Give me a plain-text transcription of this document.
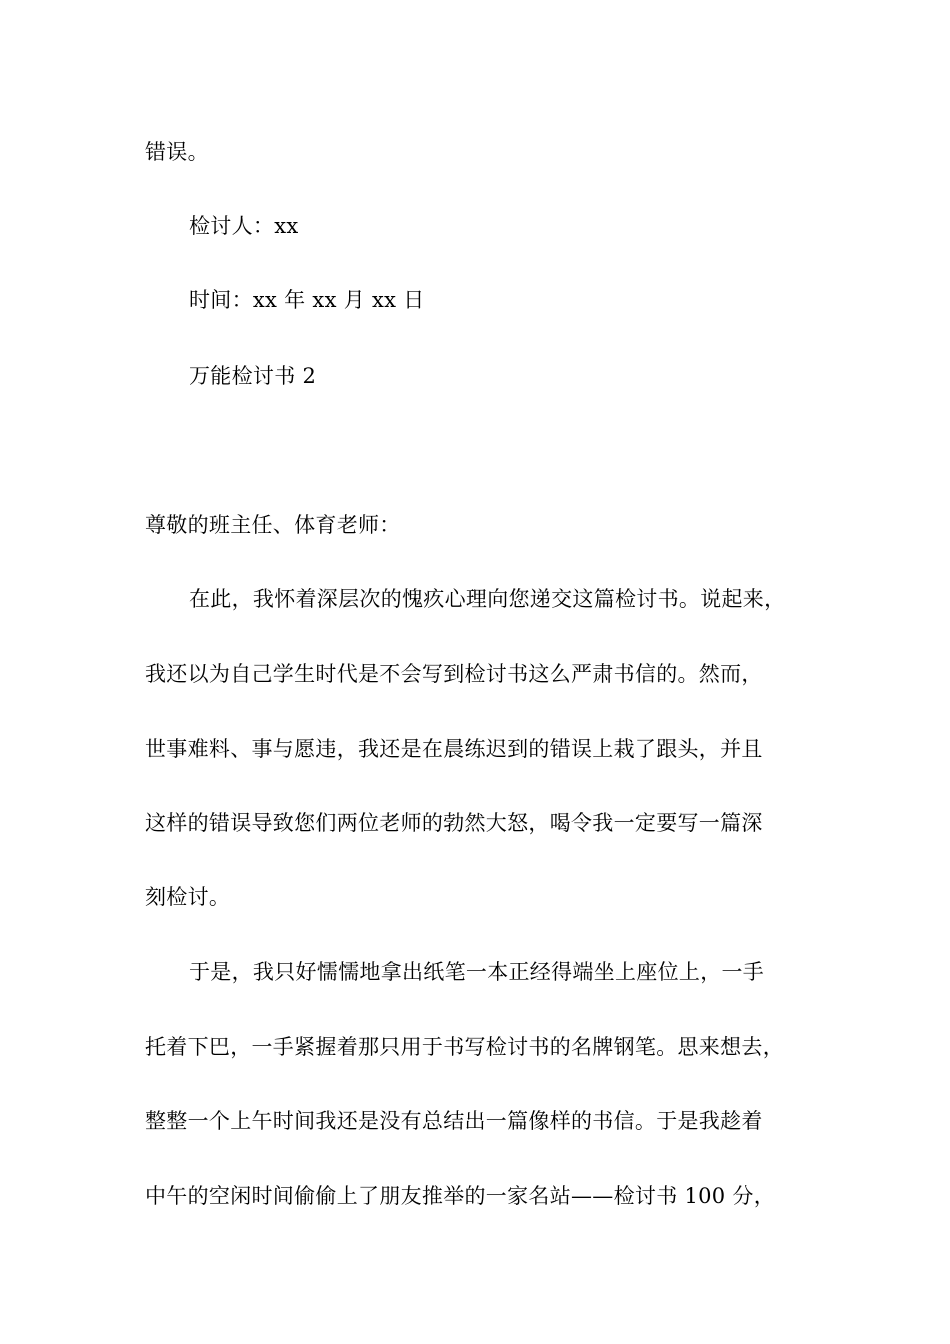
错误。
检讨人：xx
时间：xx 年 xx 月 xx 日
万能检讨书 2
尊敬的班主任、体育老师：
在此，我怀着深层次的愧疚心理向您递交这篇检讨书。说起来，
我还以为自己学生时代是不会写到检讨书这么严肃书信的。然而，
世事难料、事与愿违，我还是在晨练迟到的错误上栽了跟头，并且
这样的错误导致您们两位老师的勃然大怒，喝令我一定要写一篇深
刻检讨。
于是，我只好懦懦地拿出纸笔一本正经得端坐上座位上，一手
托着下巴，一手紧握着那只用于书写检讨书的名牌钢笔。思来想去，
整整一个上午时间我还是没有总结出一篇像样的书信。于是我趁着
中午的空闲时间偷偷上了朋友推举的一家名站——检讨书 100 分，
